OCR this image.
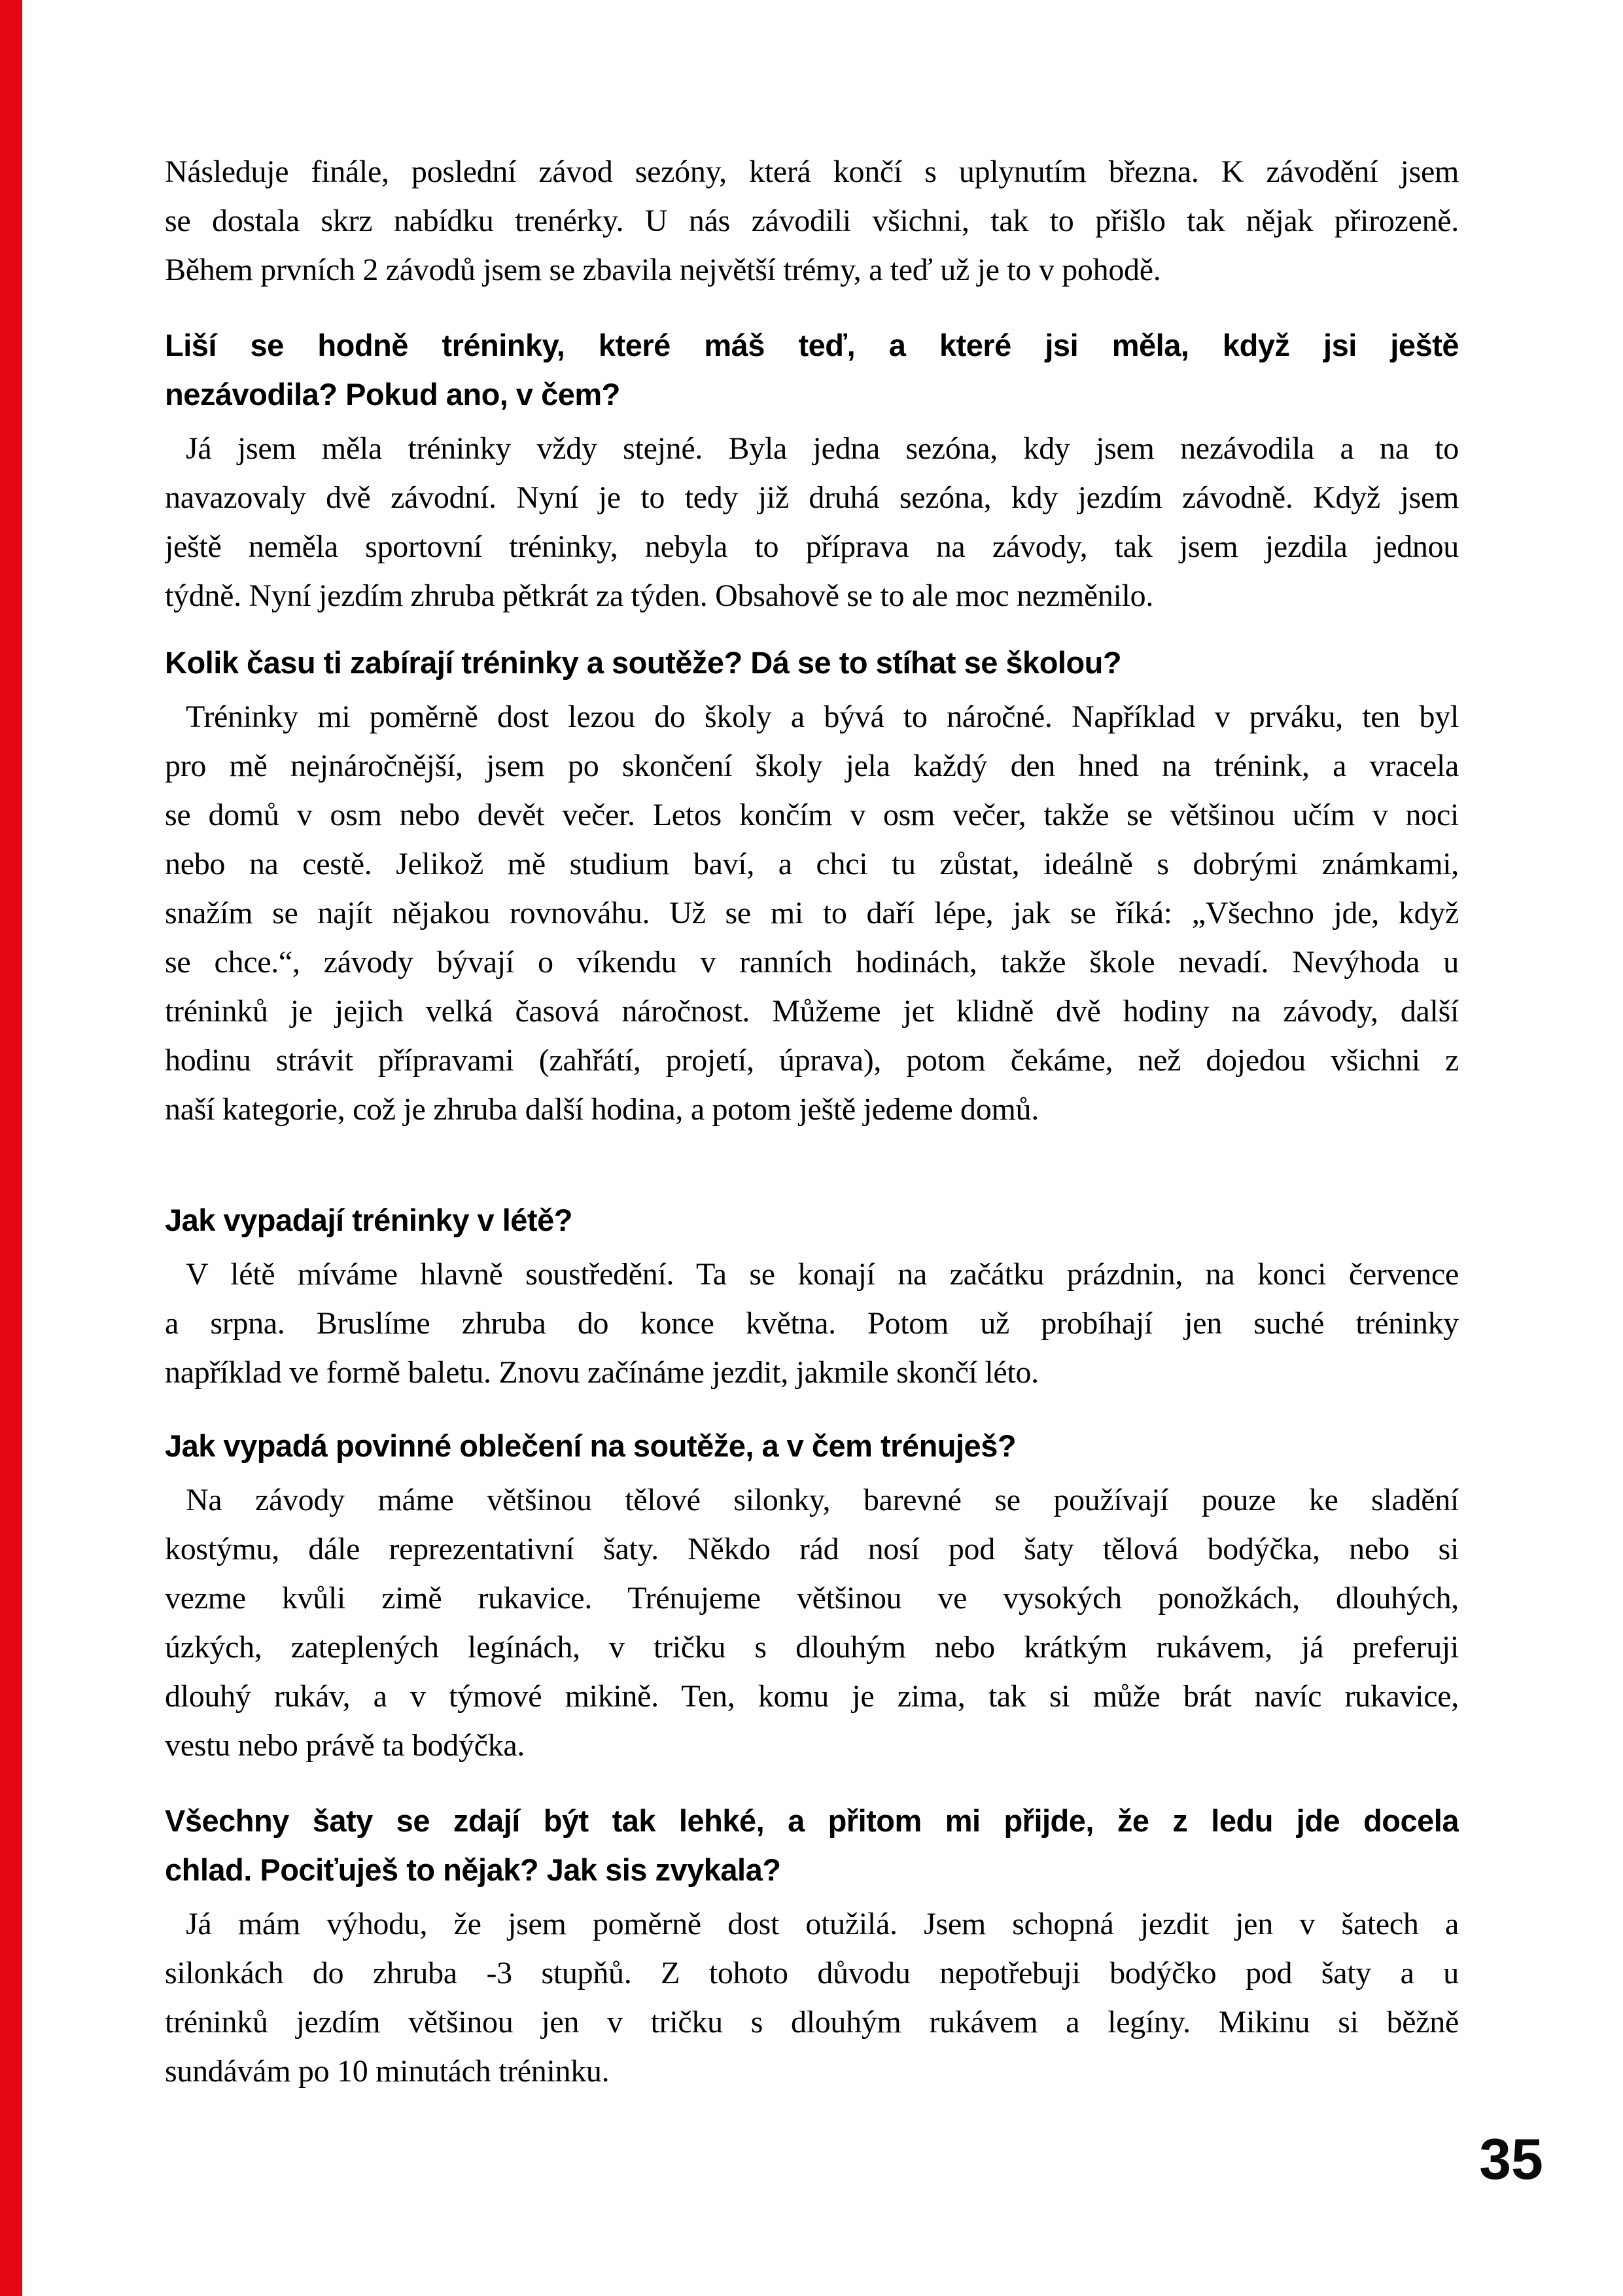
Následuje finále, poslední závod sezóny, která končí s uplynutím března. K závodění jsem
se dostala skrz nabídku trenérky. U nás závodili všichni, tak to přišlo tak nějak přirozeně.
Během prvních 2 závodů jsem se zbavila největší trémy, a teď už je to v pohodě.
Liší se hodně tréninky, které máš teď, a které jsi měla, když jsi ještě
nezávodila? Pokud ano, v čem?
Já jsem měla tréninky vždy stejné. Byla jedna sezóna, kdy jsem nezávodila a na to
navazovaly dvě závodní. Nyní je to tedy již druhá sezóna, kdy jezdím závodně. Když jsem
ještě neměla sportovní tréninky, nebyla to příprava na závody, tak jsem jezdila jednou
týdně. Nyní jezdím zhruba pětkrát za týden. Obsahově se to ale moc nezměnilo.
Kolik času ti zabírají tréninky a soutěže? Dá se to stíhat se školou?
Tréninky mi poměrně dost lezou do školy a bývá to náročné. Například v prváku, ten byl
pro mě nejnáročnější, jsem po skončení školy jela každý den hned na trénink, a vracela
se domů v osm nebo devět večer. Letos končím v osm večer, takže se většinou učím v noci
nebo na cestě. Jelikož mě studium baví, a chci tu zůstat, ideálně s dobrými známkami,
snažím se najít nějakou rovnováhu. Už se mi to daří lépe, jak se říká: „Všechno jde, když
se chce.“, závody bývají o víkendu v ranních hodinách, takže škole nevadí. Nevýhoda u
tréninků je jejich velká časová náročnost. Můžeme jet klidně dvě hodiny na závody, další
hodinu strávit přípravami (zahřátí, projetí, úprava), potom čekáme, než dojedou všichni z
naší kategorie, což je zhruba další hodina, a potom ještě jedeme domů.
Jak vypadají tréninky v létě?
V létě míváme hlavně soustředění. Ta se konají na začátku prázdnin, na konci července
a srpna. Bruslíme zhruba do konce května. Potom už probíhají jen suché tréninky
například ve formě baletu. Znovu začínáme jezdit, jakmile skončí léto.
Jak vypadá povinné oblečení na soutěže, a v čem trénuješ?
Na závody máme většinou tělové silonky, barevné se používají pouze ke sladění
kostýmu, dále reprezentativní šaty. Někdo rád nosí pod šaty tělová bodýčka, nebo si
vezme kvůli zimě rukavice. Trénujeme většinou ve vysokých ponožkách, dlouhých,
úzkých, zateplených legínách, v tričku s dlouhým nebo krátkým rukávem, já preferuji
dlouhý rukáv, a v týmové mikině. Ten, komu je zima, tak si může brát navíc rukavice,
vestu nebo právě ta bodýčka.
Všechny šaty se zdají být tak lehké, a přitom mi přijde, že z ledu jde docela
chlad. Pociťuješ to nějak? Jak sis zvykala?
Já mám výhodu, že jsem poměrně dost otužilá. Jsem schopná jezdit jen v šatech a
silonkách do zhruba -3 stupňů. Z tohoto důvodu nepotřebuji bodýčko pod šaty a u
tréninků jezdím většinou jen v tričku s dlouhým rukávem a legíny. Mikinu si běžně
sundávám po 10 minutách tréninku.
35
